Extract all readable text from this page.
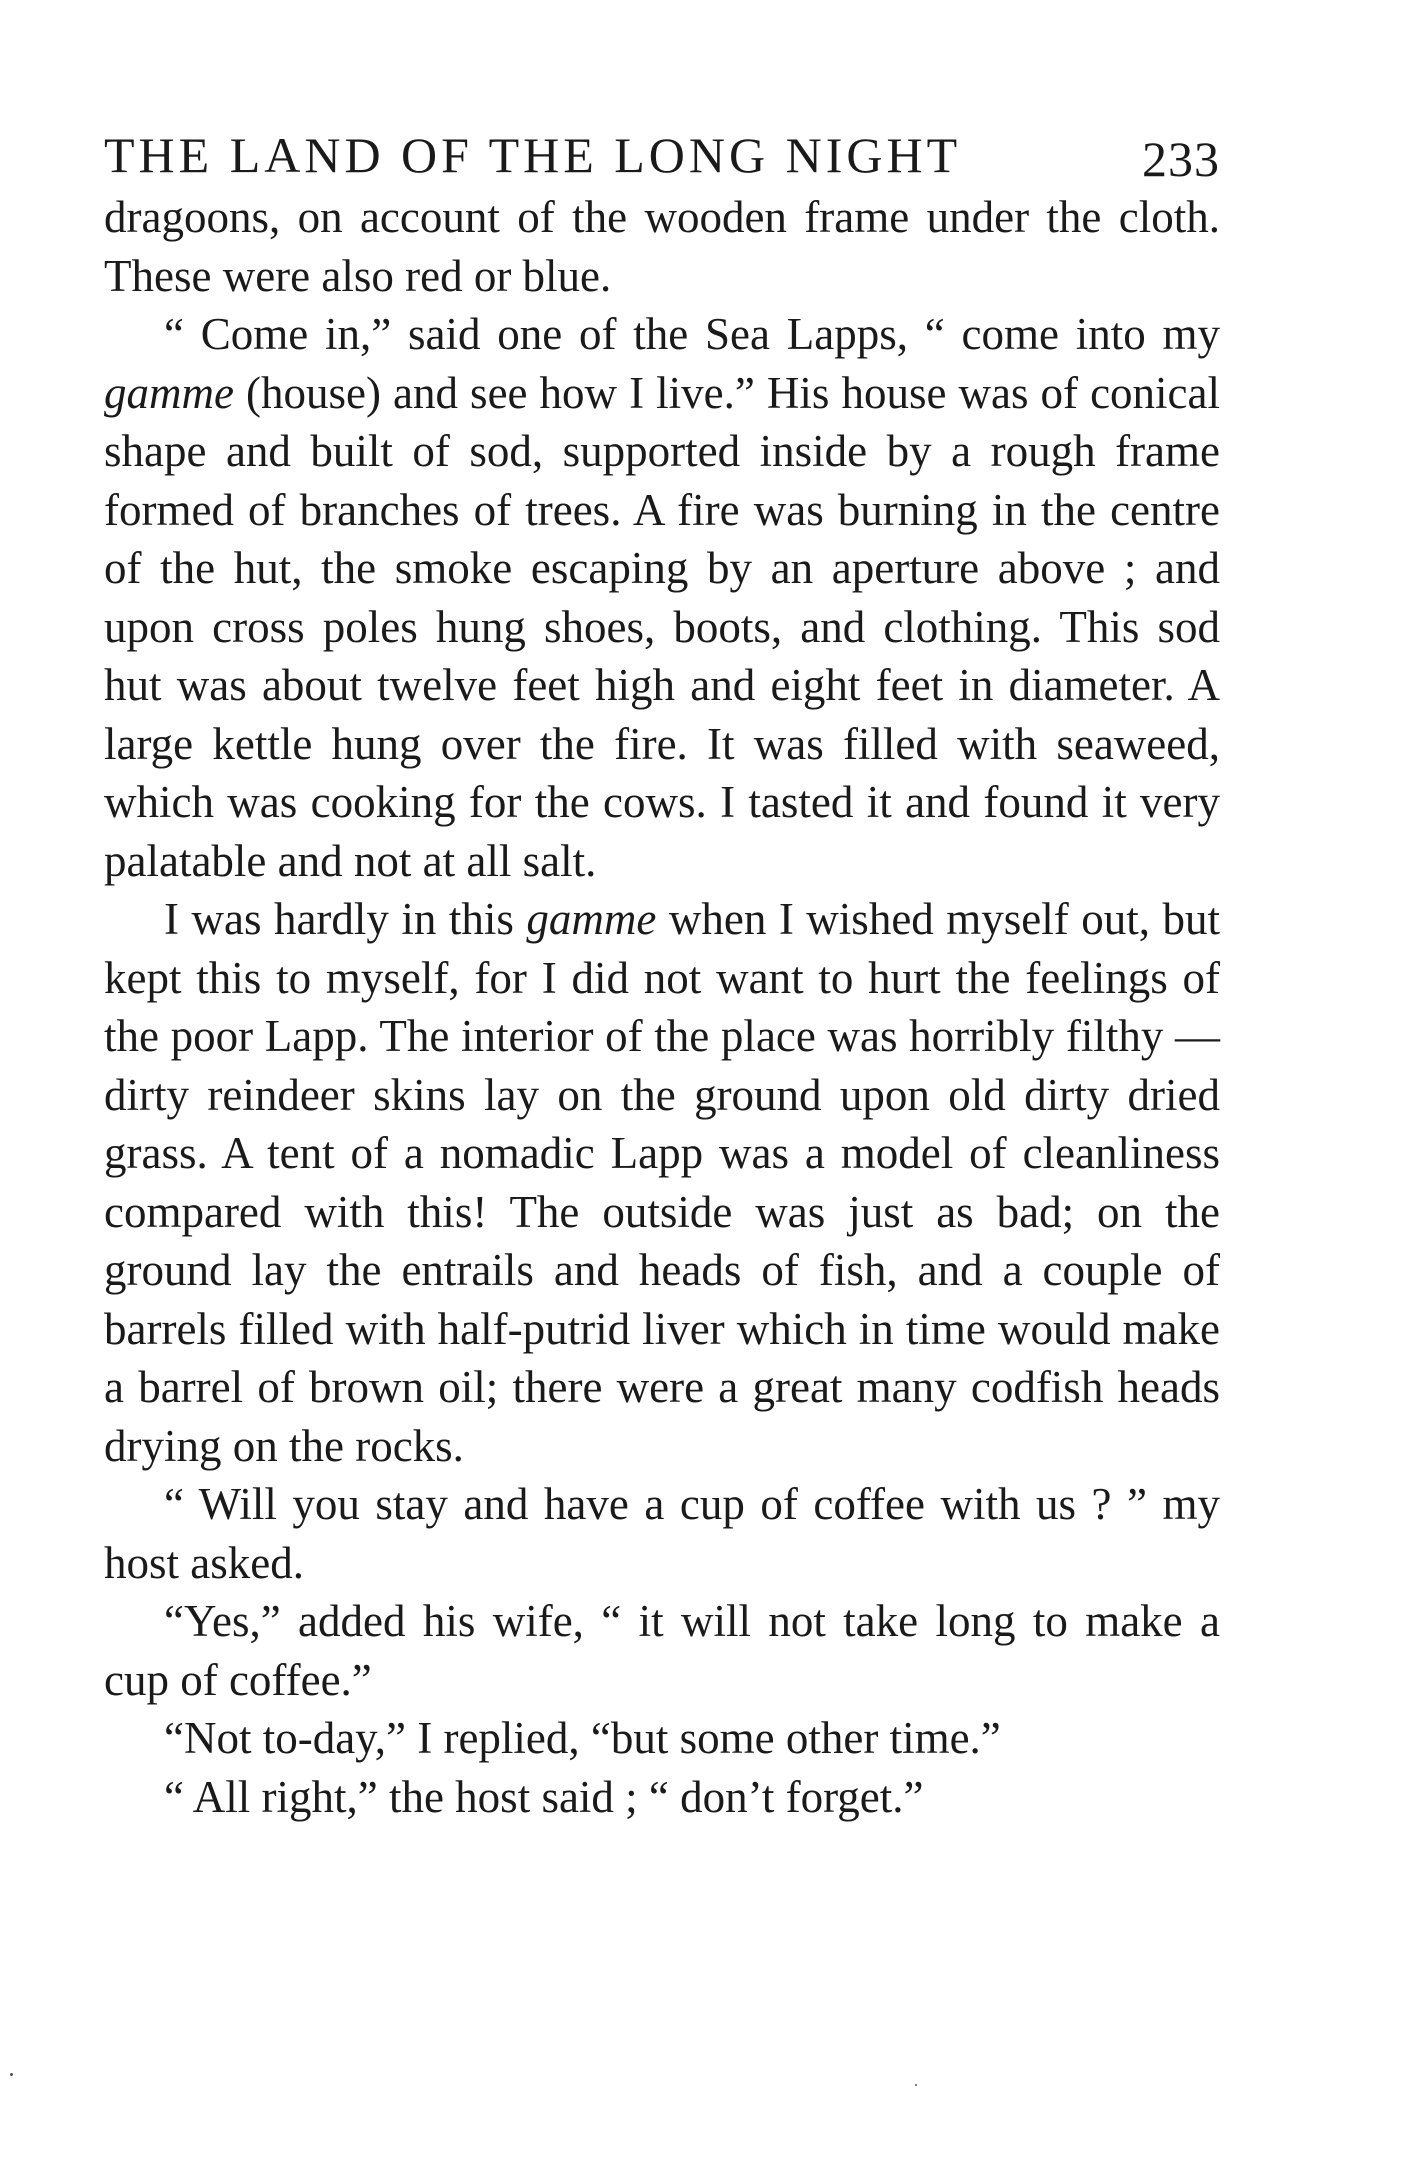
THE LAND OF THE LONG NIGHT	233

dragoons, on account of the wooden frame under the cloth. These were also red or blue.

“ Come in,” said one of the Sea Lapps, “ come into my gamme (house) and see how I live.” His house was of conical shape and built of sod, supported inside by a rough frame formed of branches of trees. A fire was burning in the centre of the hut, the smoke escaping by an aperture above ; and upon cross poles hung shoes, boots, and clothing. This sod hut was about twelve feet high and eight feet in diameter. A large kettle hung over the fire. It was filled with seaweed, which was cooking for the cows. I tasted it and found it very palatable and not at all salt.

I was hardly in this gamme when I wished myself out, but kept this to myself, for I did not want to hurt the feelings of the poor Lapp. The interior of the place was horribly filthy — dirty reindeer skins lay on the ground upon old dirty dried grass. A tent of a nomadic Lapp was a model of cleanliness compared with this! The outside was just as bad; on the ground lay the entrails and heads of fish, and a couple of barrels filled with half-putrid liver which in time would make a barrel of brown oil; there were a great many codfish heads drying on the rocks.

“ Will you stay and have a cup of coffee with us ? ” my host asked.

“Yes,” added his wife, “ it will not take long to make a cup of coffee.”

“Not to-day,” I replied, “but some other time.”

“ All right,” the host said ; “ don’t forget.”
